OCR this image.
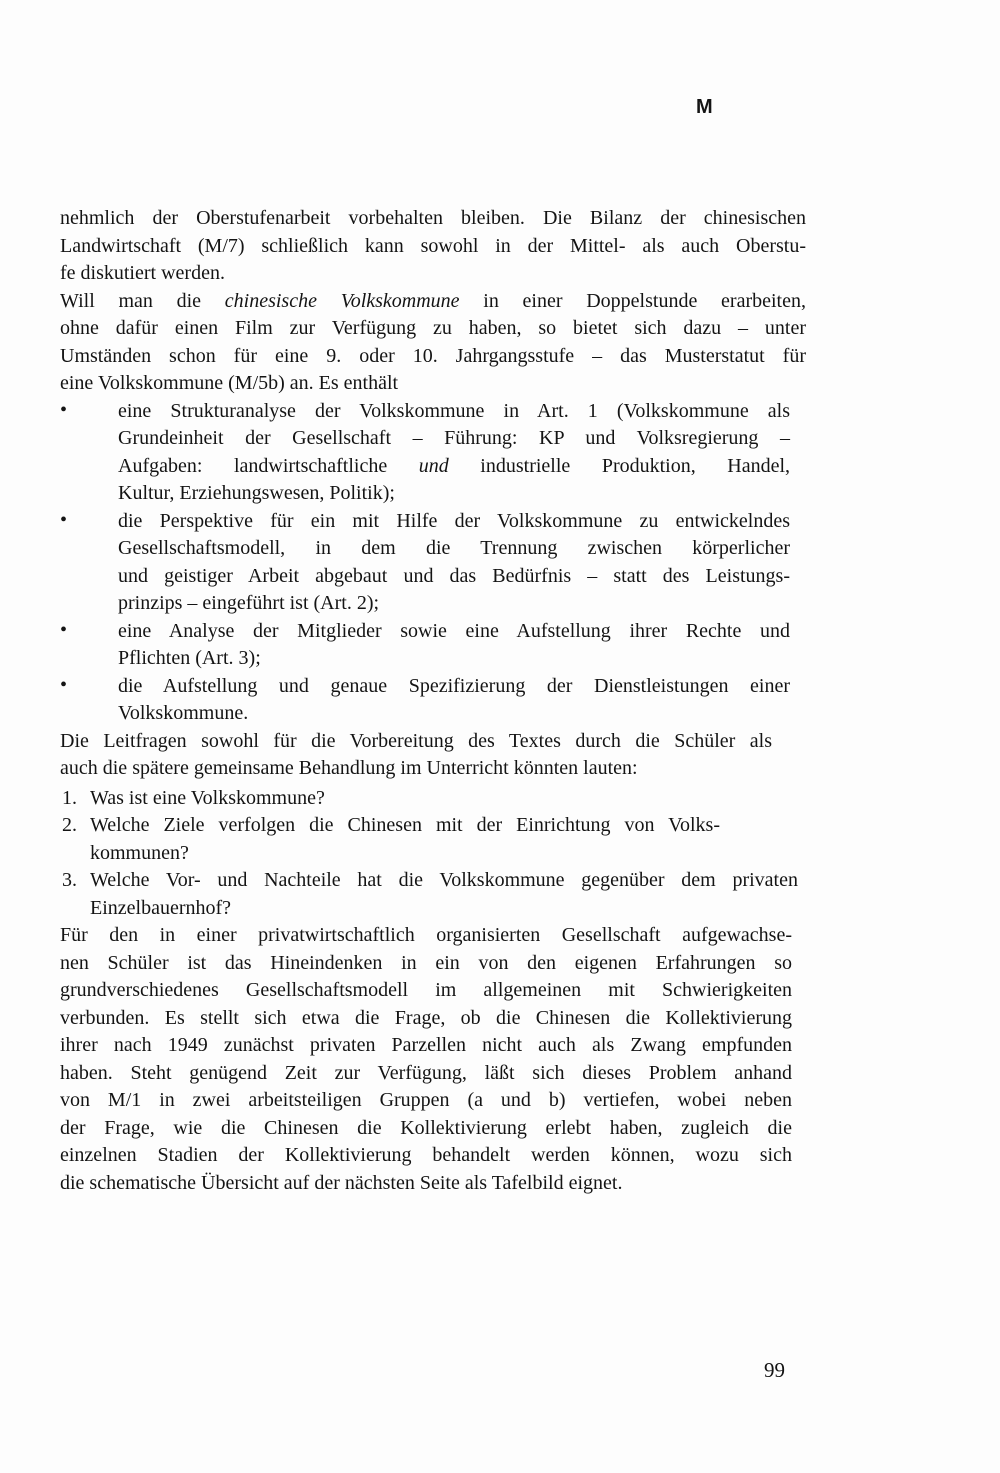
M
nehmlich der Oberstufenarbeit vorbehalten bleiben. Die Bilanz der chinesischen
Landwirtschaft (M/7) schließlich kann sowohl in der Mittel- als auch Oberstu-
fe diskutiert werden.
Will man die chinesische Volkskommune in einer Doppelstunde erarbeiten,
ohne dafür einen Film zur Verfügung zu haben, so bietet sich dazu – unter
Umständen schon für eine 9. oder 10. Jahrgangsstufe – das Musterstatut für
eine Volkskommune (M/5b) an. Es enthält
•	eine Strukturanalyse der Volkskommune in Art. 1 (Volkskommune als
Grundeinheit der Gesellschaft – Führung: KP und Volksregierung –
Aufgaben: landwirtschaftliche und industrielle Produktion, Handel,
Kultur, Erziehungswesen, Politik);
•	die Perspektive für ein mit Hilfe der Volkskommune zu entwickelndes
Gesellschaftsmodell, in dem die Trennung zwischen körperlicher
und geistiger Arbeit abgebaut und das Bedürfnis – statt des Leistungs-
prinzips – eingeführt ist (Art. 2);
•	eine Analyse der Mitglieder sowie eine Aufstellung ihrer Rechte und
Pflichten (Art. 3);
•	die Aufstellung und genaue Spezifizierung der Dienstleistungen einer
Volkskommune.
Die Leitfragen sowohl für die Vorbereitung des Textes durch die Schüler als
auch die spätere gemeinsame Behandlung im Unterricht könnten lauten:
1. Was ist eine Volkskommune?
2. Welche Ziele verfolgen die Chinesen mit der Einrichtung von Volks-
kommunen?
3. Welche Vor- und Nachteile hat die Volkskommune gegenüber dem privaten
Einzelbauernhof?
Für den in einer privatwirtschaftlich organisierten Gesellschaft aufgewachse-
nen Schüler ist das Hineindenken in ein von den eigenen Erfahrungen so
grundverschiedenes Gesellschaftsmodell im allgemeinen mit Schwierigkeiten
verbunden. Es stellt sich etwa die Frage, ob die Chinesen die Kollektivierung
ihrer nach 1949 zunächst privaten Parzellen nicht auch als Zwang empfunden
haben. Steht genügend Zeit zur Verfügung, läßt sich dieses Problem anhand
von M/1 in zwei arbeitsteiligen Gruppen (a und b) vertiefen, wobei neben
der Frage, wie die Chinesen die Kollektivierung erlebt haben, zugleich die
einzelnen Stadien der Kollektivierung behandelt werden können, wozu sich
die schematische Übersicht auf der nächsten Seite als Tafelbild eignet.
99
